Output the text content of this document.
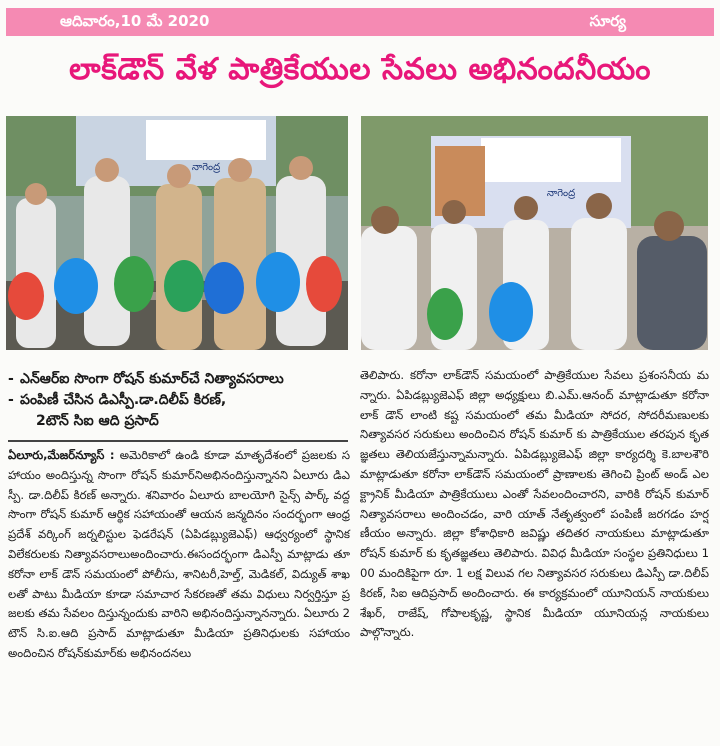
ఆదివారం,10 మే 2020	సూర్య
లాక్‌డౌన్ వేళ పాత్రికేయుల సేవలు అభినందనీయం
నాగెంద్ర
నాగెంద్ర
- ఎన్ఆర్ఐ సొంగా రోషన్ కుమార్‌చే నిత్యావసరాలు
- పంపిణీ చేసిన డిఎస్పీ.డా.దిలీప్ కిరణ్,
2టౌన్ సిఐ ఆది ప్రసాద్

ఏలూరు,మేజర్‌న్యూస్ : అమెరికాలో ఉండి కూడా మాతృదేశంలో ప్రజలకు సహాయం అందిస్తున్న సొంగా రోషన్ కుమార్‌నిఅభినందిస్తున్నానని ఏలూరు డిఎస్పీ. డా.దిలీప్ కిరణ్ అన్నారు. శనివారం ఏలూరు బాలయోగి సైన్స్ పార్క్ వద్ద సొంగా రోషన్ కుమార్ ఆర్థిక సహాయంతో ఆయన జన్మదినం సందర్భంగా ఆంధ్రప్రదేశ్ వర్కింగ్ జర్నలిస్టుల ఫెడరేషన్ (ఏపిడబ్ల్యుజెఎఫ్) ఆధ్వర్యంలో స్థానిక విలేకరులకు నిత్యావసరాలుఅందించారు.ఈసందర్భంగా డిఎస్పీ మాట్లాడు తూ కరోనా లాక్ డౌన్ సమయంలో పోలీసు, శానిటరీ,హెల్త్, మెడికల్, విద్యుత్ శాఖలతో పాటు మీడియా కూడా సమాచార సేకరణతో తమ విధులు నిర్వర్తిస్తూ ప్రజలకు తమ సేవలం దిస్తున్నందుకు వారిని అభినందిస్తున్నానన్నారు. ఏలూరు 2టౌన్ సి.ఐ.ఆది ప్రసాద్ మాట్లాడుతూ మీడియా ప్రతినిధులకు సహాయం అందించిన రోషన్‌కుమార్‌కు అభినందనలు

తెలిపారు. కరోనా లాక్‌డౌన్ సమయంలో పాత్రికేయుల సేవలు ప్రశంసనీయ మన్నారు. ఏపిడబ్ల్యుజెఎఫ్ జిల్లా అధ్యక్షులు బి.ఎమ్.ఆనంద్ మాట్లాడుతూ కరోనా లాక్ డౌన్ లాంటి కష్ట సమయంలో తమ మీడియా సోదర, సోదరీమణులకు నిత్యావసర సరుకులు అందించిన రోషన్ కుమార్ కు పాత్రికేయుల తరపున కృతజ్ఞతలు తెలియజేస్తున్నామన్నారు. ఏపిడబ్ల్యుజెఎఫ్ జిల్లా కార్యదర్శి కె.బాలశౌరి మాట్లాడుతూ కరోనా లాక్‌డౌన్ సమయంలో ప్రాణాలకు తెగించి ప్రింట్ అండ్ ఎలక్ట్రానిక్ మీడియా పాత్రికేయులు ఎంతో సేవలందించారని, వారికి రోషన్ కుమార్ నిత్యావసరాలు అందించడం, వారి యాత్ నేతృత్వంలో పంపిణీ జరగడం హర్షణీయం అన్నారు. జిల్లా కోశాధికారి జవిష్ణు తదితర నాయకులు మాట్లాడుతూ రోషన్ కుమార్ కు కృతజ్ఞతలు తెలిపారు. వివిధ మీడియా సంస్థల ప్రతినిధులు 100 మందికిపైగా రూ. 1 లక్ష విలువ గల నిత్యావసర సరుకులు డిఎస్పీ డా.దిలీప్ కిరణ్, సిఐ ఆదిప్రసాద్ అందించారు. ఈ కార్యక్రమంలో యూనియన్ నాయకులు శేఖర్, రాజేష్, గోపాలకృష్ణ, స్థానిక మీడియా యూనియన్ల నాయకులు పాల్గొన్నారు.
